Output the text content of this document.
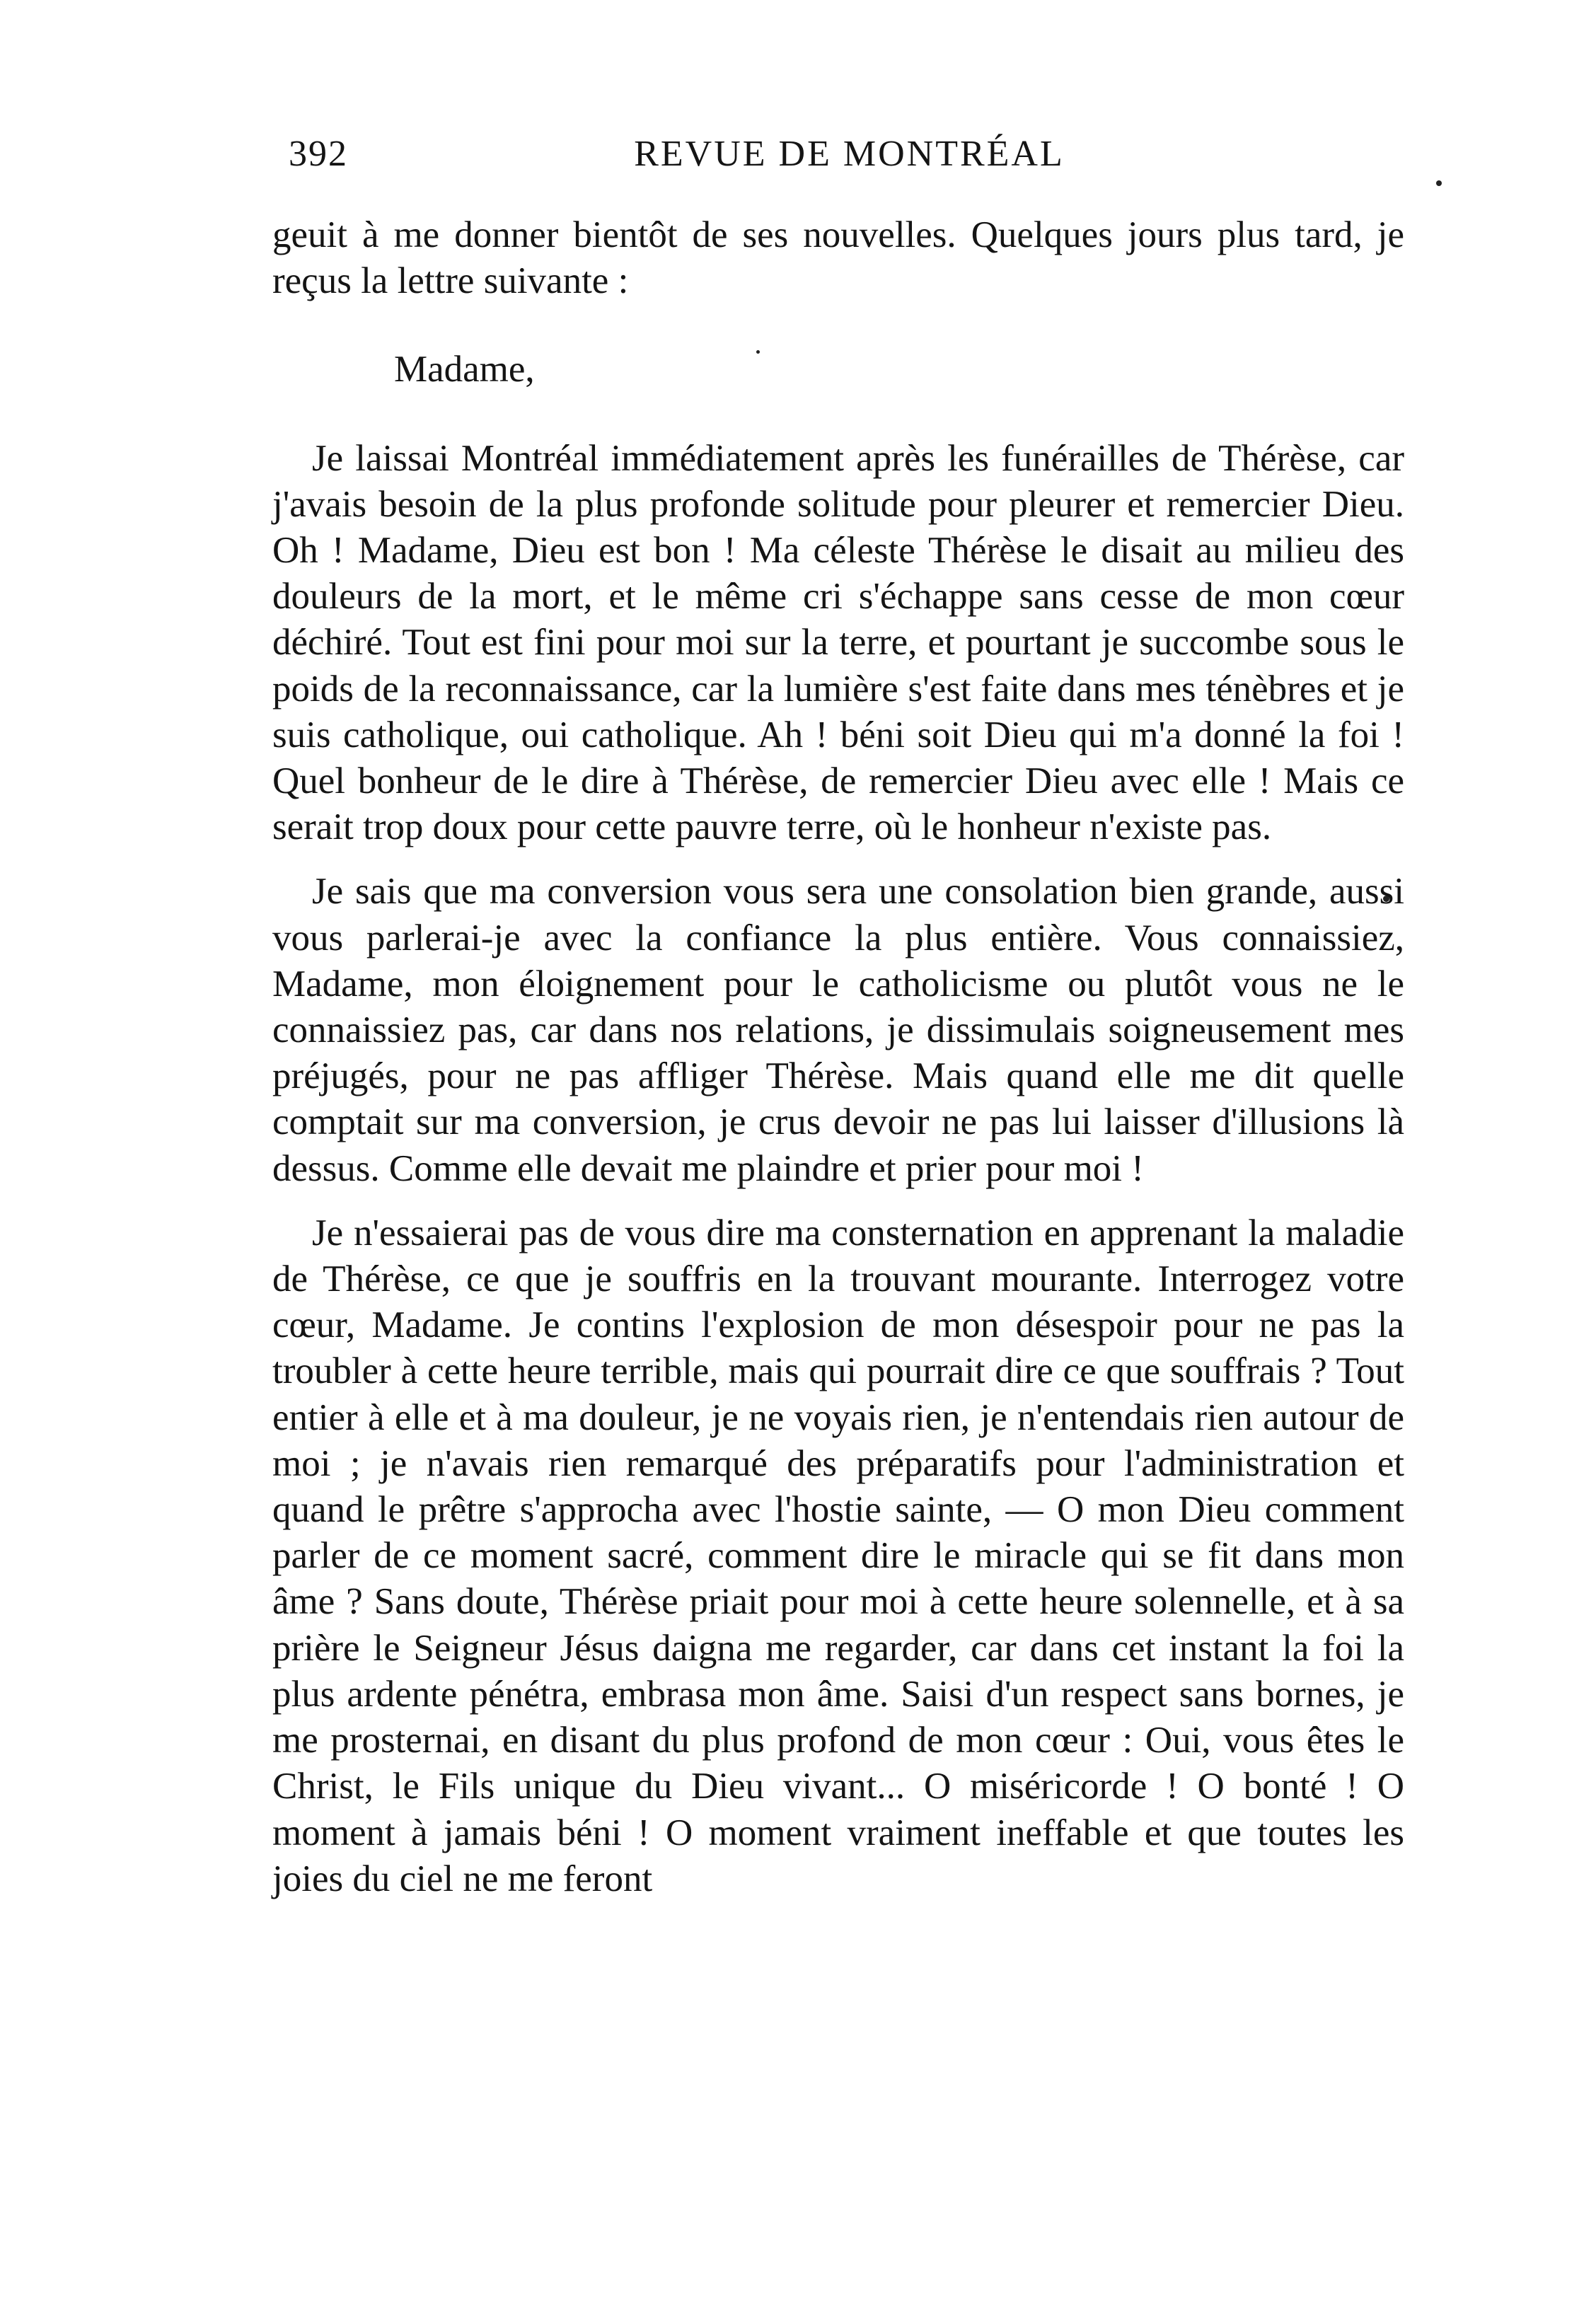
392	REVUE DE MONTRÉAL

geuit à me donner bientôt de ses nouvelles. Quelques jours plus tard, je reçus la lettre suivante :

Madame,

Je laissai Montréal immédiatement après les funérailles de Thérèse, car j'avais besoin de la plus profonde solitude pour pleurer et remercier Dieu. Oh ! Madame, Dieu est bon ! Ma céleste Thérèse le disait au milieu des douleurs de la mort, et le même cri s'échappe sans cesse de mon cœur déchiré. Tout est fini pour moi sur la terre, et pourtant je succombe sous le poids de la reconnaissance, car la lumière s'est faite dans mes ténèbres et je suis catholique, oui catholique. Ah ! béni soit Dieu qui m'a donné la foi ! Quel bonheur de le dire à Thérèse, de remercier Dieu avec elle ! Mais ce serait trop doux pour cette pauvre terre, où le honheur n'existe pas.

Je sais que ma conversion vous sera une consolation bien grande, aussi vous parlerai-je avec la confiance la plus entière. Vous connaissiez, Madame, mon éloignement pour le catholicisme ou plutôt vous ne le connaissiez pas, car dans nos relations, je dissimulais soigneusement mes préjugés, pour ne pas affliger Thérèse. Mais quand elle me dit quelle comptait sur ma conversion, je crus devoir ne pas lui laisser d'illusions là dessus. Comme elle devait me plaindre et prier pour moi !

Je n'essaierai pas de vous dire ma consternation en apprenant la maladie de Thérèse, ce que je souffris en la trouvant mourante. Interrogez votre cœur, Madame. Je contins l'explosion de mon désespoir pour ne pas la troubler à cette heure terrible, mais qui pourrait dire ce que souffrais ? Tout entier à elle et à ma douleur, je ne voyais rien, je n'entendais rien autour de moi ; je n'avais rien remarqué des préparatifs pour l'administration et quand le prêtre s'approcha avec l'hostie sainte, — O mon Dieu comment parler de ce moment sacré, comment dire le miracle qui se fit dans mon âme ? Sans doute, Thérèse priait pour moi à cette heure solennelle, et à sa prière le Seigneur Jésus daigna me regarder, car dans cet instant la foi la plus ardente pénétra, embrasa mon âme. Saisi d'un respect sans bornes, je me prosternai, en disant du plus profond de mon cœur : Oui, vous êtes le Christ, le Fils unique du Dieu vivant... O miséricorde ! O bonté ! O moment à jamais béni ! O moment vraiment ineffable et que toutes les joies du ciel ne me feront
